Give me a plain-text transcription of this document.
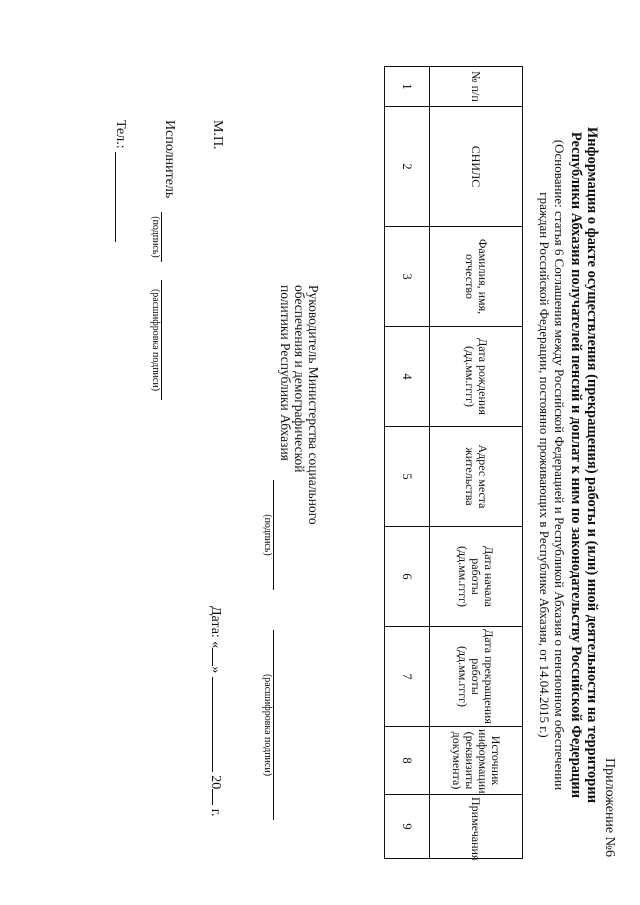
Приложение №6
Информация о факте осуществления (прекращения) работы и (или) иной деятельности на территории
Республики Абхазия получателей пенсий и доплат к ним по законодательству Российской Федерации
(Основание: статья 6 Соглашения между Российской Федерацией и Республикой Абхазия о пенсионном обеспечении
граждан Российской Федерации, постоянно проживающих в Республике Абхазия, от 14.04.2015 г.)
№ п/п	СНИЛС	Фамилия, имя, отчество	Дата рождения (дд.мм.гггг)	Адрес места жительства	Дата начала работы (дд.мм.гггг)	Дата прекращения работы (дд.мм.гггг)	Источник информации (реквизиты документа)	Примечания
1	2	3	4	5	6	7	8	9
Руководитель Министерства социального
обеспечения и демографической
политики Республики Абхазия
(подпись)
(расшифровка подписи)
М.П.
Дата: «»  20 г.
Исполнитель
(подпись)
(расшифровка подписи)
Тел.:
